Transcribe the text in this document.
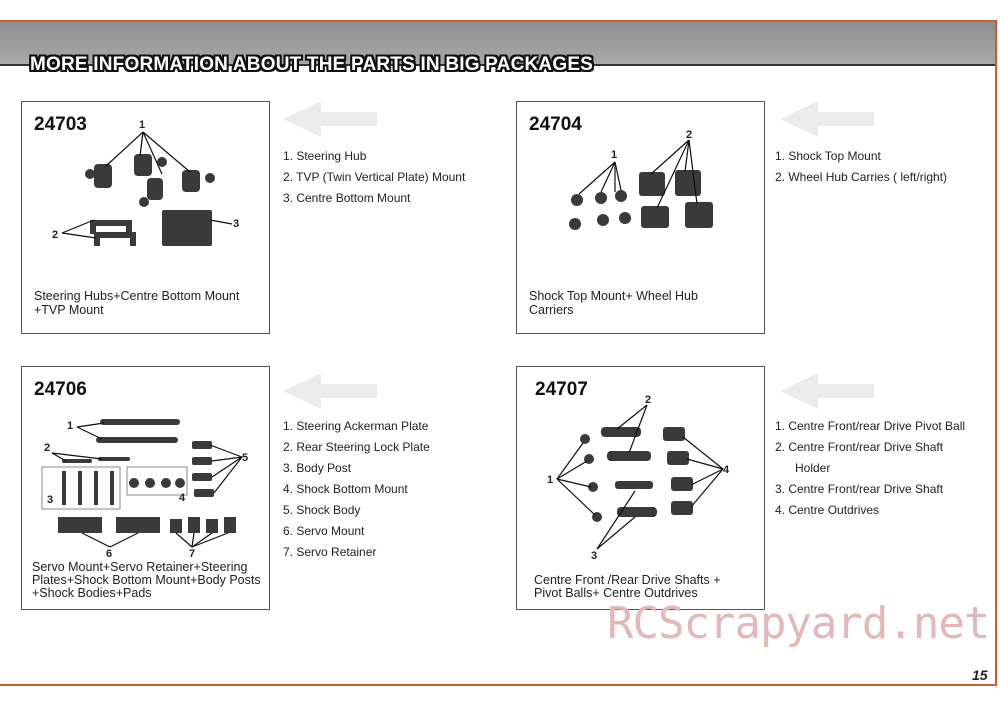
MORE INFORMATION ABOUT THE PARTS IN BIG PACKAGES
24703	1
2
3
Steering Hubs+Centre Bottom Mount +TVP Mount
1. Steering Hub
2. TVP (Twin Vertical Plate) Mount
3. Centre Bottom Mount
24704
1
2
Shock Top Mount+ Wheel Hub Carriers
1. Shock Top Mount
2. Wheel Hub Carries ( left/right)
24706
1
2
3	4
5
6	7
Servo Mount+Servo Retainer+Steering Plates+Shock Bottom Mount+Body Posts +Shock Bodies+Pads
1. Steering Ackerman Plate
2. Rear Steering Lock Plate
3. Body Post
4. Shock Bottom Mount
5. Shock Body
6. Servo Mount
7. Servo Retainer
24707
1
2
3
4
Centre Front /Rear Drive Shafts + Pivot Balls+ Centre Outdrives
1. Centre Front/rear Drive Pivot Ball
2. Centre Front/rear Drive Shaft
Holder
3. Centre Front/rear Drive Shaft
4. Centre Outdrives
RCScrapyard.net
15
